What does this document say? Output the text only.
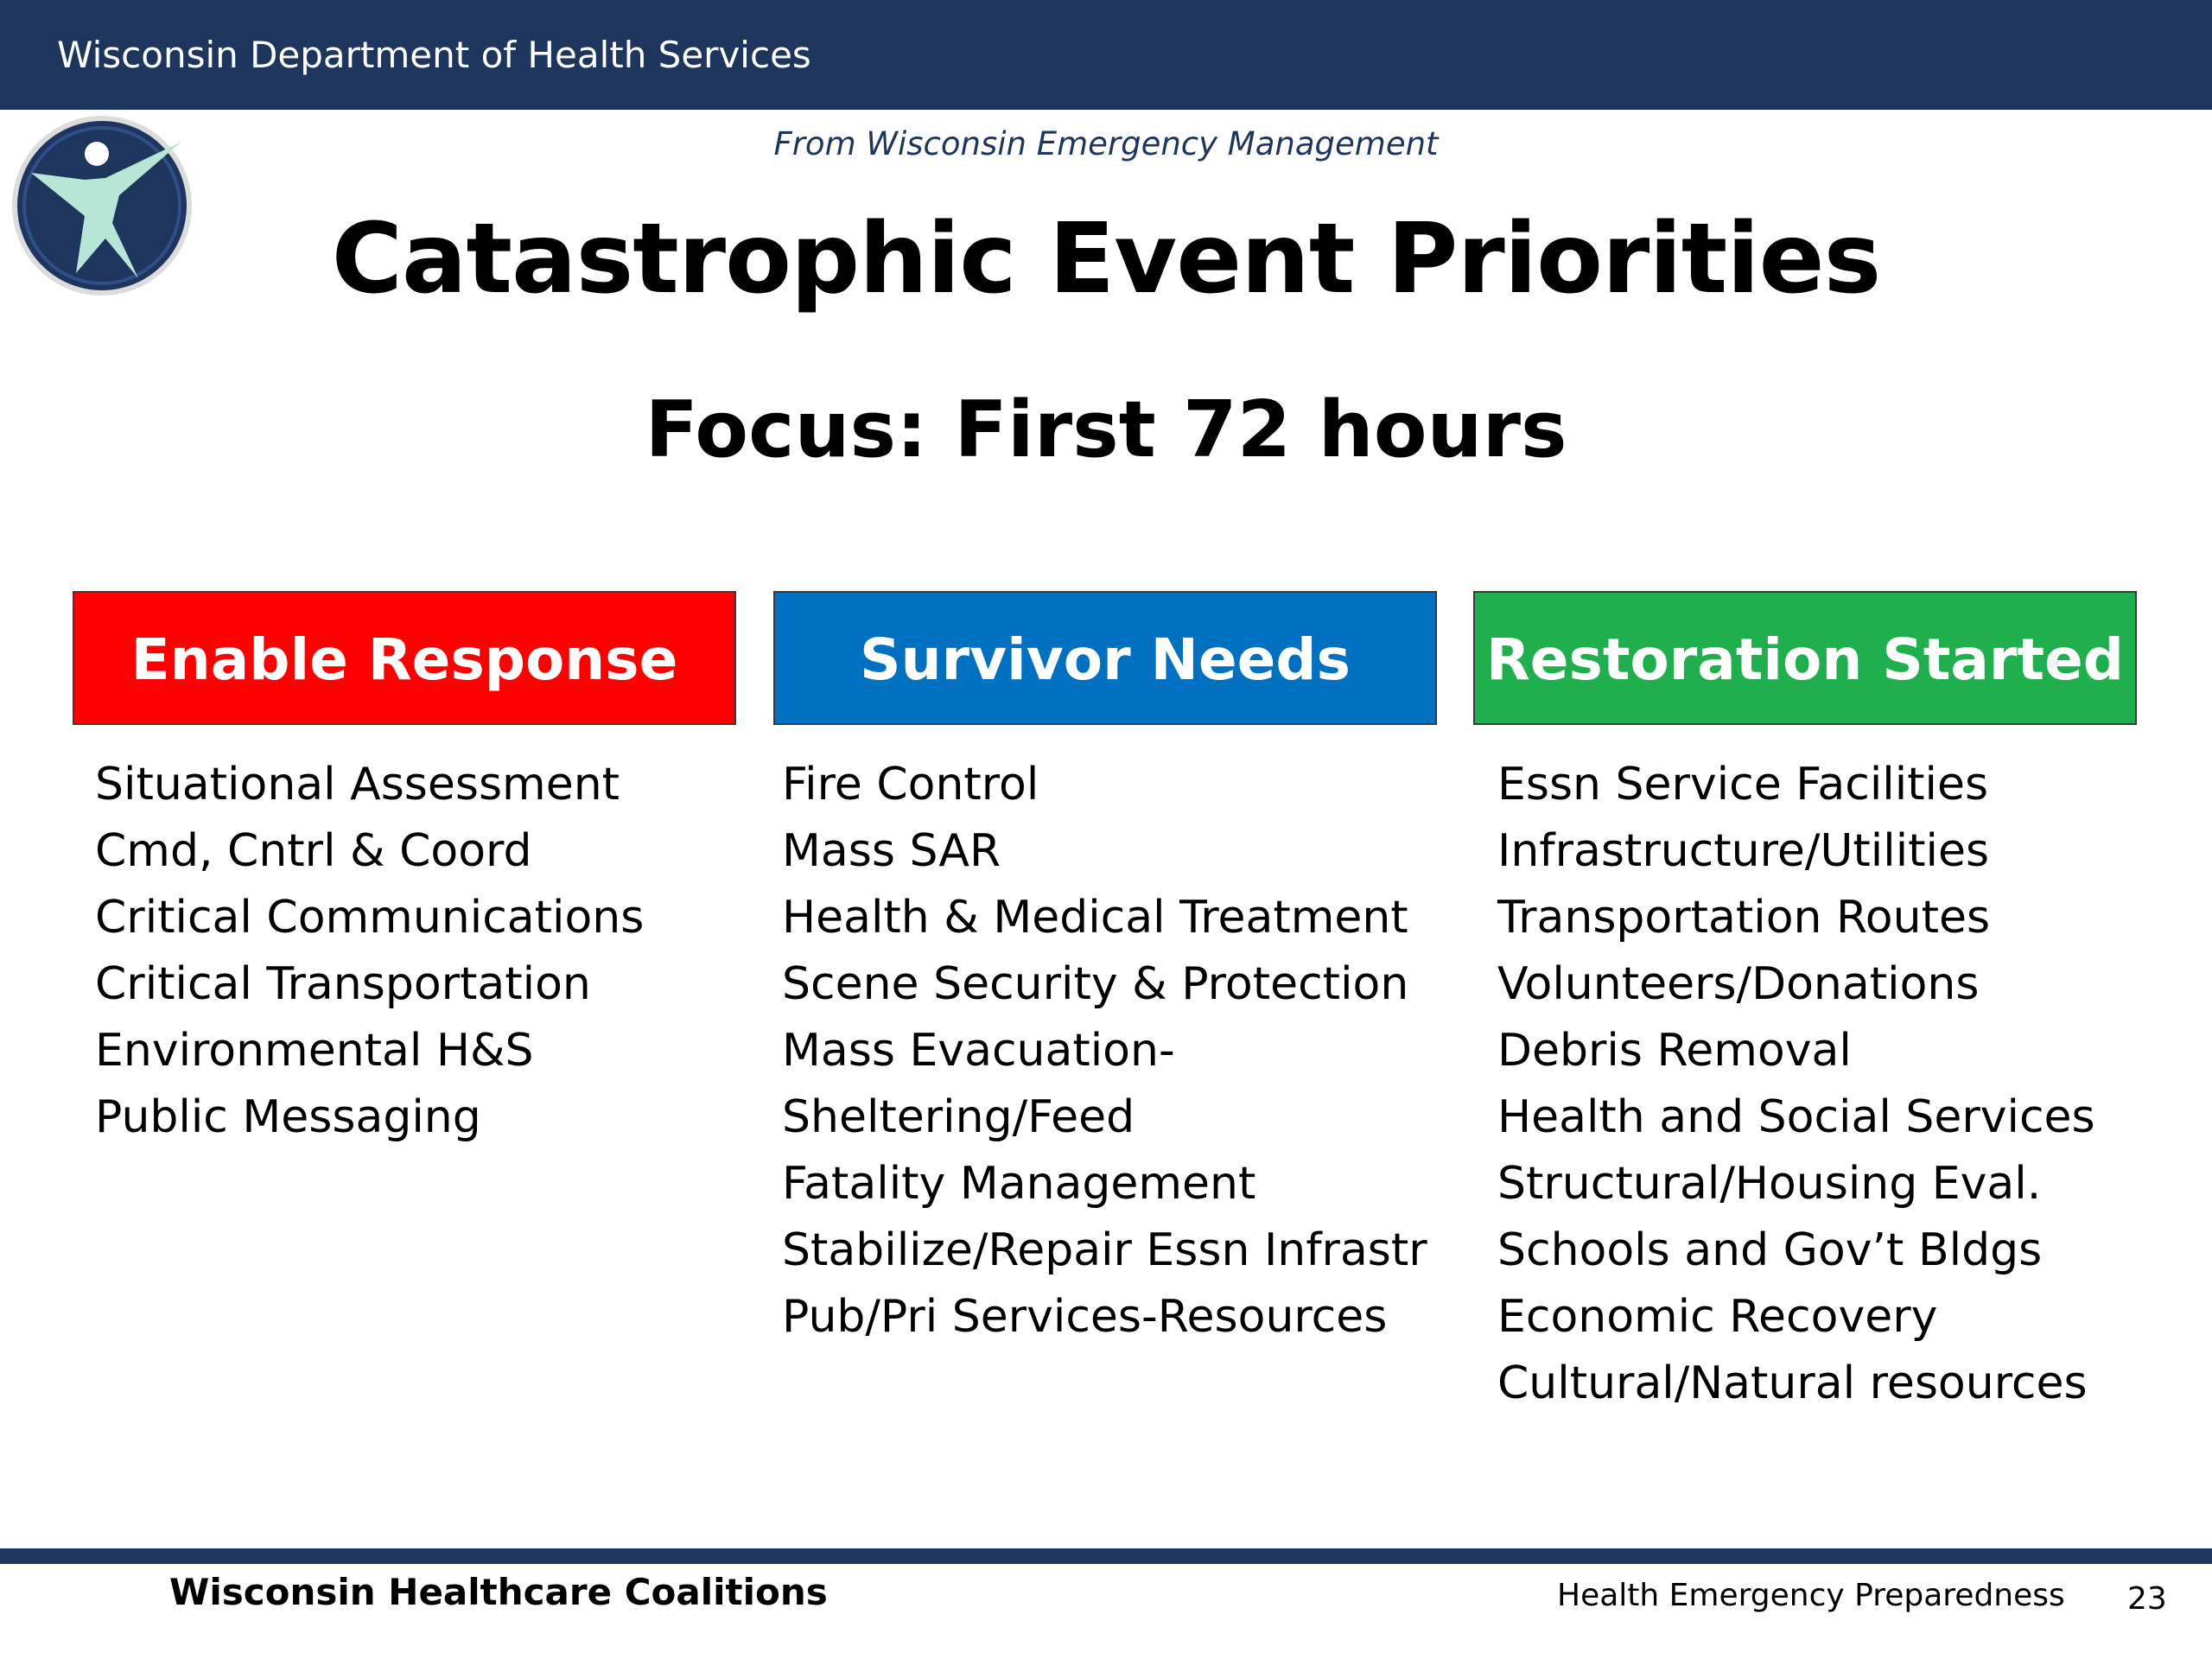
Wisconsin Department of Health Services
From Wisconsin Emergency Management
Catastrophic Event Priorities
Focus: First 72 hours
Enable Response	Survivor Needs	Restoration Started
Situational Assessment
Cmd, Cntrl & Coord
Critical Communications
Critical Transportation
Environmental H&S
Public Messaging
Fire Control
Mass SAR
Health & Medical Treatment
Scene Security & Protection
Mass Evacuation-
Sheltering/Feed
Fatality Management
Stabilize/Repair Essn Infrastr
Pub/Pri Services-Resources
Essn Service Facilities
Infrastructure/Utilities
Transportation Routes
Volunteers/Donations
Debris Removal
Health and Social Services
Structural/Housing Eval.
Schools and Gov’t Bldgs
Economic Recovery
Cultural/Natural resources
Wisconsin Healthcare Coalitions	Health Emergency Preparedness 23
